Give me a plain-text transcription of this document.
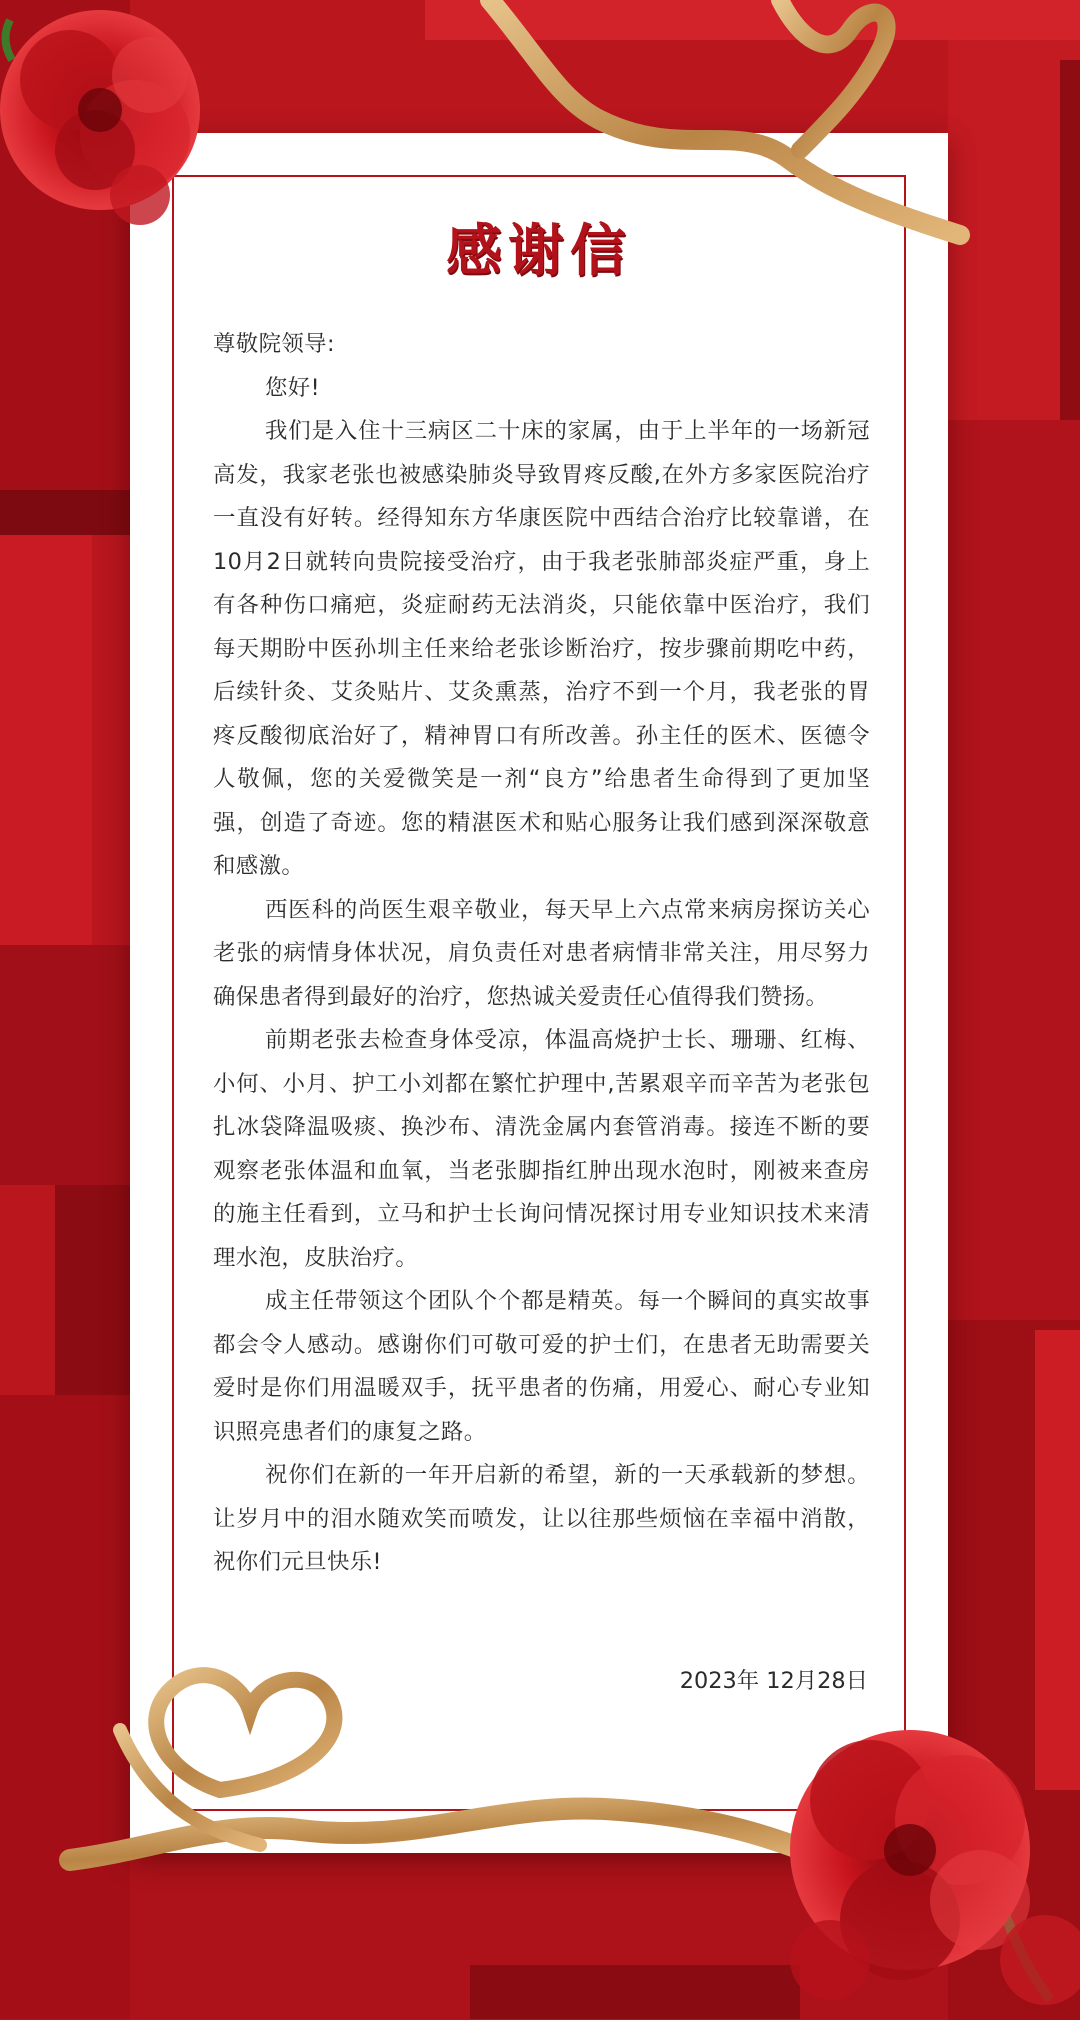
感谢信

尊敬院领导:

您好!

我们是入住十三病区二十床的家属，由于上半年的一场新冠高发，我家老张也被感染肺炎导致胃疼反酸,在外方多家医院治疗一直没有好转。经得知东方华康医院中西结合治疗比较靠谱，在10月2日就转向贵院接受治疗，由于我老张肺部炎症严重，身上有各种伤口痛疤，炎症耐药无法消炎，只能依靠中医治疗，我们每天期盼中医孙圳主任来给老张诊断治疗，按步骤前期吃中药，后续针灸、艾灸贴片、艾灸熏蒸，治疗不到一个月，我老张的胃疼反酸彻底治好了，精神胃口有所改善。孙主任的医术、医德令人敬佩，您的关爱微笑是一剂“良方”给患者生命得到了更加坚强，创造了奇迹。您的精湛医术和贴心服务让我们感到深深敬意和感激。

西医科的尚医生艰辛敬业，每天早上六点常来病房探访关心老张的病情身体状况，肩负责任对患者病情非常关注，用尽努力确保患者得到最好的治疗，您热诚关爱责任心值得我们赞扬。

前期老张去检查身体受凉，体温高烧护士长、珊珊、红梅、小何、小月、护工小刘都在繁忙护理中,苦累艰辛而辛苦为老张包扎冰袋降温吸痰、换沙布、清洗金属内套管消毒。接连不断的要观察老张体温和血氧，当老张脚指红肿出现水泡时，刚被来查房的施主任看到，立马和护士长询问情况探讨用专业知识技术来清理水泡，皮肤治疗。

成主任带领这个团队个个都是精英。每一个瞬间的真实故事都会令人感动。感谢你们可敬可爱的护士们，在患者无助需要关爱时是你们用温暖双手，抚平患者的伤痛，用爱心、耐心专业知识照亮患者们的康复之路。

祝你们在新的一年开启新的希望，新的一天承载新的梦想。让岁月中的泪水随欢笑而喷发，让以往那些烦恼在幸福中消散，祝你们元旦快乐!

2023年 12月28日
